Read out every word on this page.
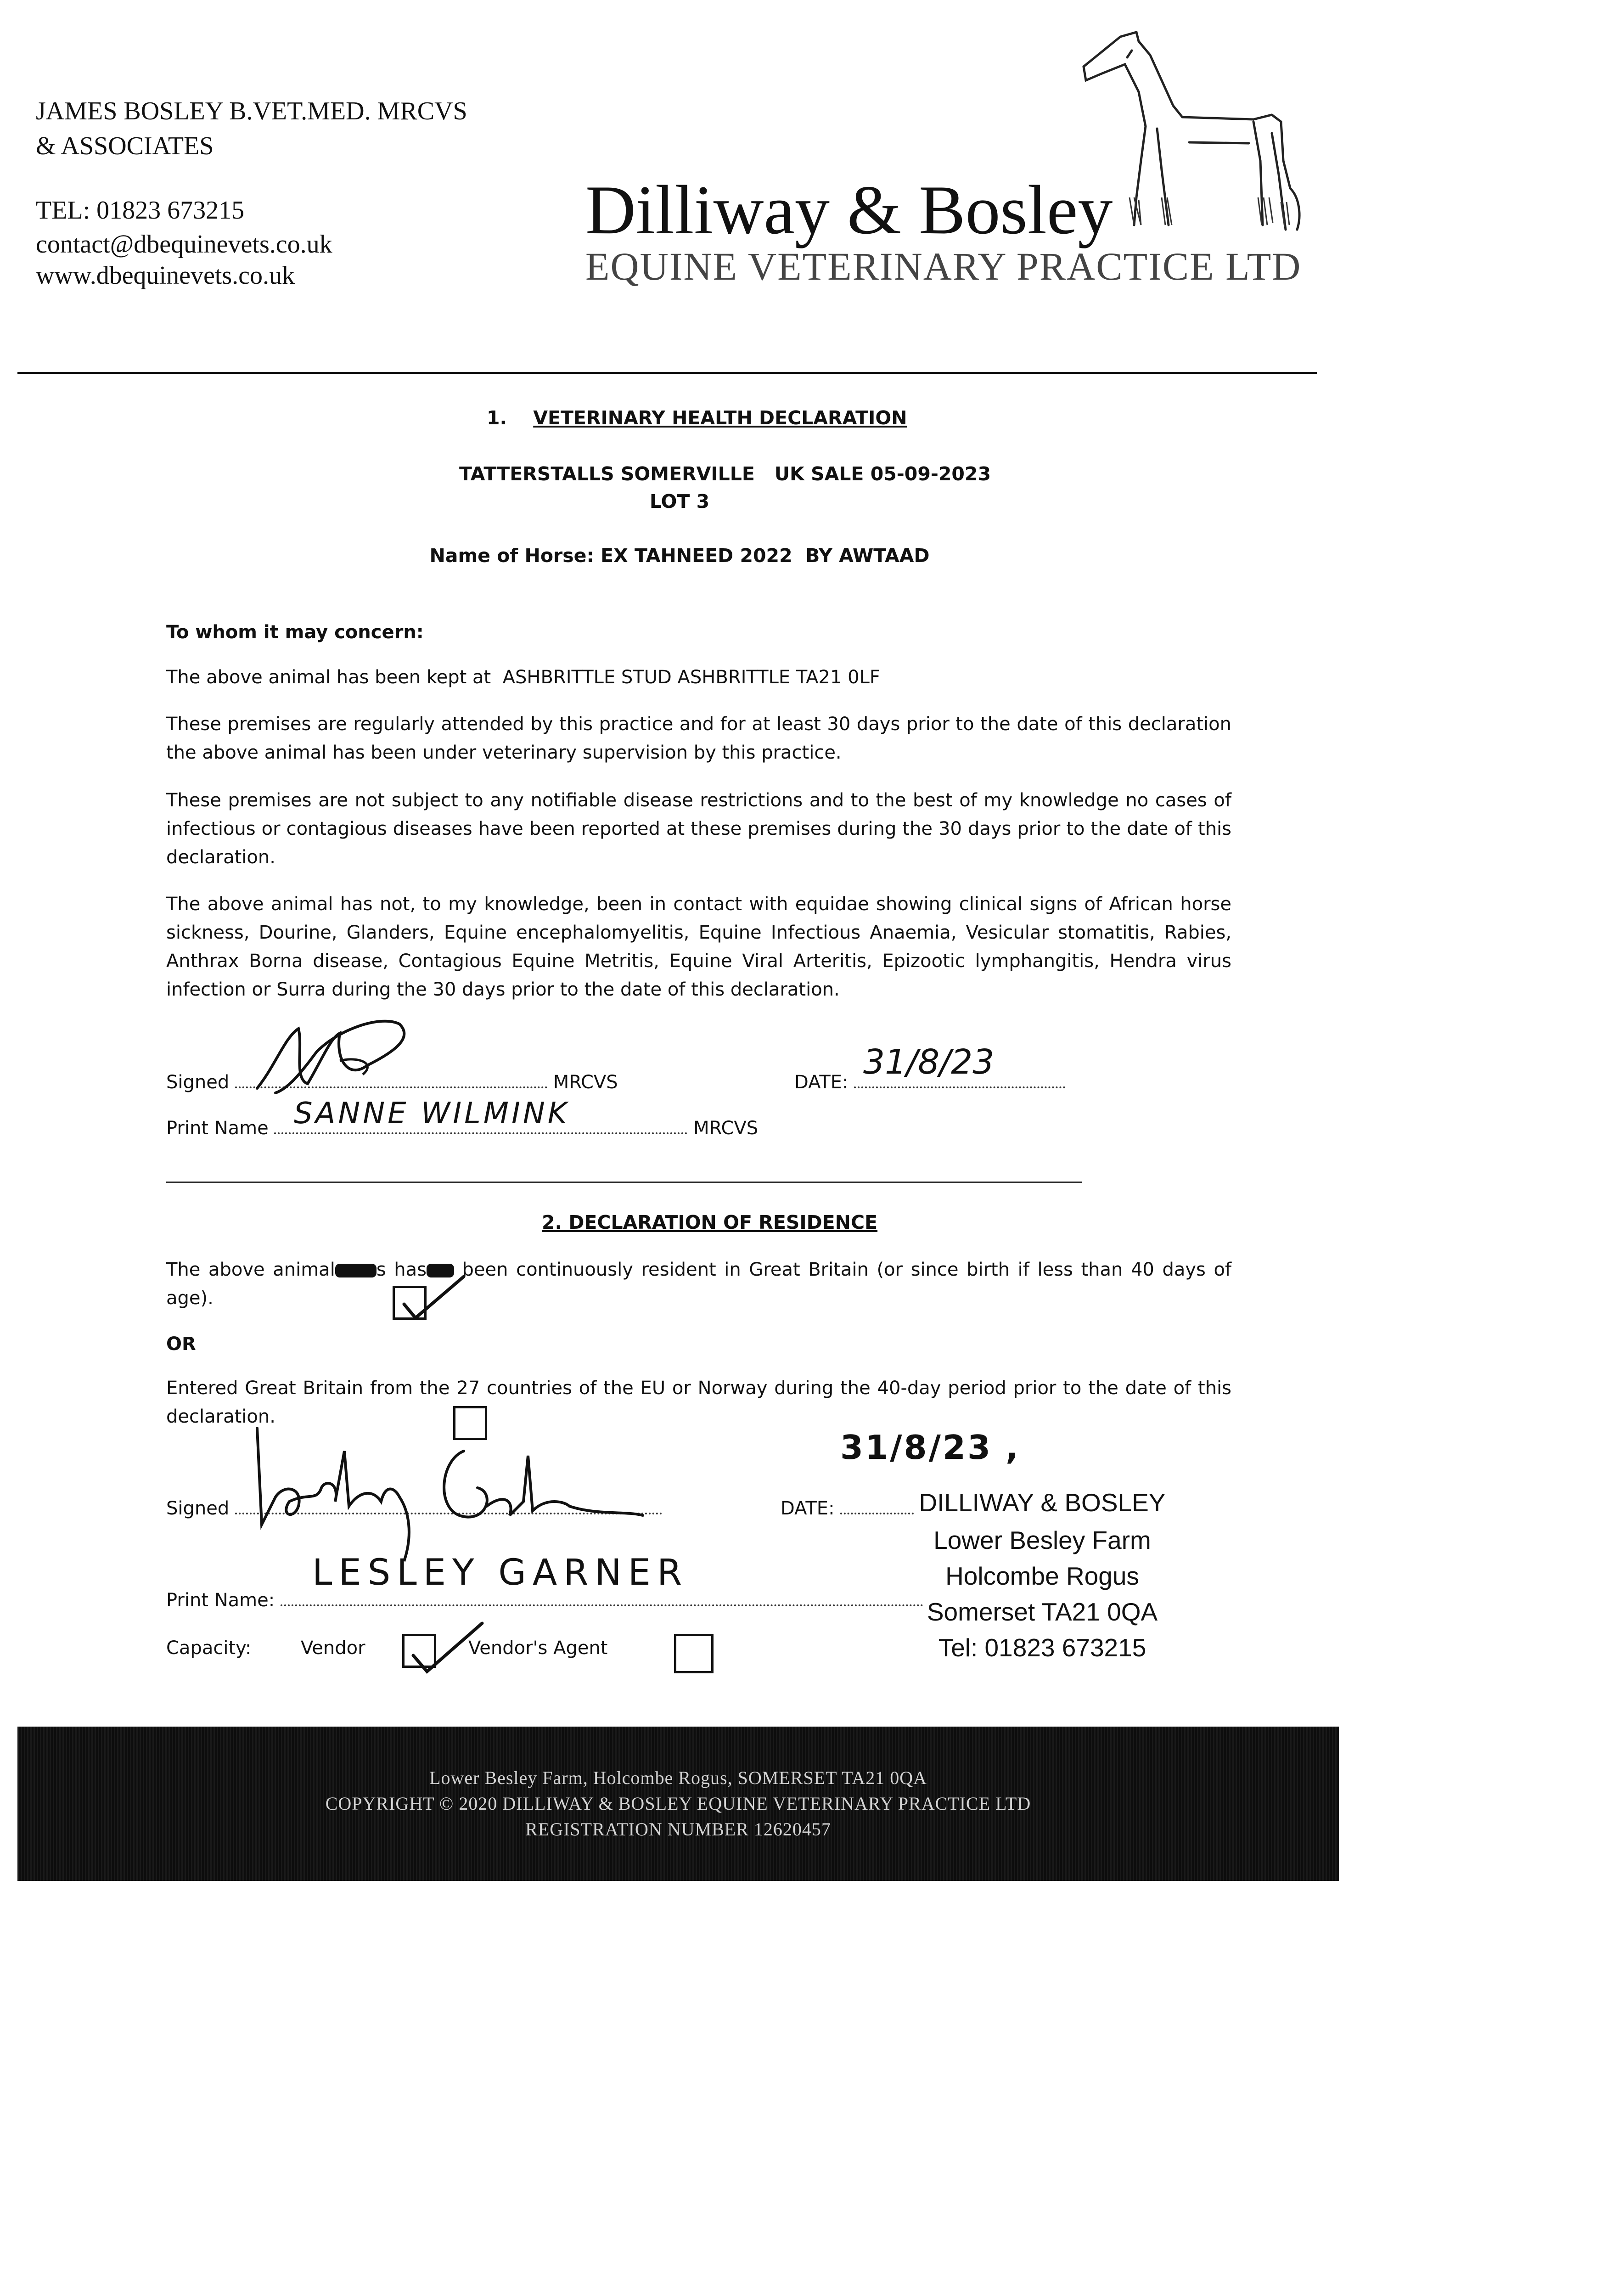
JAMES BOSLEY B.VET.MED. MRCVS
& ASSOCIATES
TEL: 01823 673215
contact@dbequinevets.co.uk
www.dbequinevets.co.uk
Dilliway & Bosley
EQUINE VETERINARY PRACTICE LTD
1. VETERINARY HEALTH DECLARATION
TATTERSTALLS SOMERVILLE   UK SALE 05-09-2023
LOT 3
Name of Horse: EX TAHNEED 2022  BY AWTAAD
To whom it may concern:
The above animal has been kept at ASHBRITTLE STUD ASHBRITTLE TA21 0LF
These premises are regularly attended by this practice and for at least 30 days prior to the date of this declaration the above animal has been under veterinary supervision by this practice.
These premises are not subject to any notifiable disease restrictions and to the best of my knowledge no cases of infectious or contagious diseases have been reported at these premises during the 30 days prior to the date of this declaration.
The above animal has not, to my knowledge, been in contact with equidae showing clinical signs of African horse sickness, Dourine, Glanders, Equine encephalomyelitis, Equine Infectious Anaemia, Vesicular stomatitis, Rabies, Anthrax Borna disease, Contagious Equine Metritis, Equine Viral Arteritis, Epizootic lymphangitis, Hendra virus infection or Surra during the 30 days prior to the date of this declaration.
Signed	MRCVS	DATE:
31/8/23
Print Name	MRCVS
SANNE WILMINK
2. DECLARATION OF RESIDENCE
The above animal s has been continuously resident in Great Britain (or since birth if less than 40 days of age).
OR
Entered Great Britain from the 27 countries of the EU or Norway during the 40-day period prior to the date of this declaration.
Signed	DATE:
31/8/23 ,
Print Name:
LESLEY GARNER
Capacity:	Vendor	Vendor's Agent
DILLIWAY & BOSLEY
Lower Besley Farm
Holcombe Rogus
Somerset TA21 0QA
Tel: 01823 673215
Lower Besley Farm, Holcombe Rogus, SOMERSET TA21 0QA
COPYRIGHT © 2020 DILLIWAY & BOSLEY EQUINE VETERINARY PRACTICE LTD
REGISTRATION NUMBER 12620457
